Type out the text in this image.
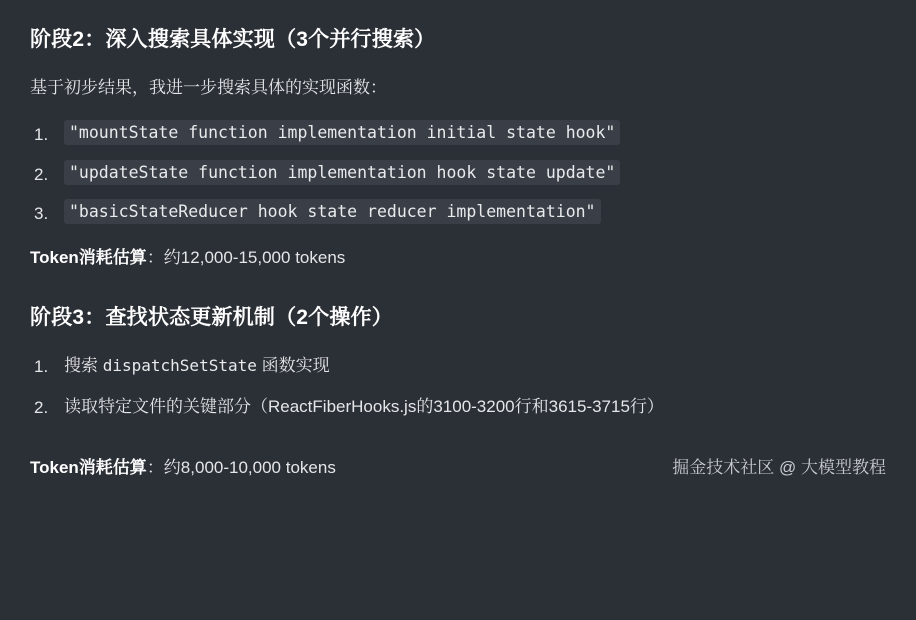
阶段2：深入搜索具体实现（3个并行搜索）

基于初步结果，我进一步搜索具体的实现函数：

"mountState function implementation initial state hook"
"updateState function implementation hook state update"
"basicStateReducer hook state reducer implementation"

Token消耗估算：约12,000-15,000 tokens

阶段3：查找状态更新机制（2个操作）
搜索 dispatchSetState 函数实现
读取特定文件的关键部分（ReactFiberHooks.js的3100-3200行和3615-3715行）

Token消耗估算：约8,000-10,000 tokens	掘金技术社区 @ 大模型教程
